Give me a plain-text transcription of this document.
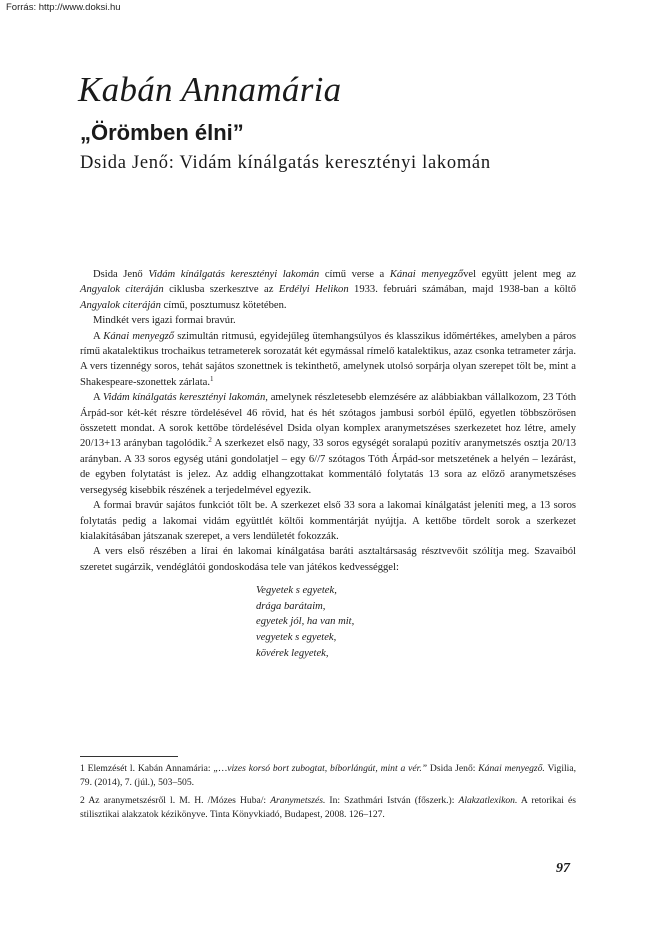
Forrás: http://www.doksi.hu
Kabán Annamária
„Örömben élni”
Dsida Jenő: Vidám kínálgatás keresztényi lakomán

Dsida Jenő Vidám kínálgatás keresztényi lakomán című verse a Kánai menyegzővel együtt jelent meg az Angyalok citeráján ciklusba szerkesztve az Erdélyi Helikon 1933. februári számában, majd 1938-ban a költő Angyalok citeráján című, posztumusz kötetében.

Mindkét vers igazi formai bravúr.

A Kánai menyegző szimultán ritmusú, egyidejűleg ütemhangsúlyos és klasszikus időmértékes, amelyben a páros rímű akatalektikus trochaikus tetrameterek sorozatát két egymással rímelő katalektikus, azaz csonka tetrameter zárja. A vers tizennégy soros, tehát sajátos szonettnek is tekinthető, amelynek utolsó sorpárja olyan szerepet tölt be, mint a Shakespeare-szonettek zárlata.$^1$

A Vidám kínálgatás keresztényi lakomán, amelynek részletesebb elemzésére az alábbiakban vállalkozom, 23 Tóth Árpád-sor két-két részre tördelésével 46 rövid, hat és hét szótagos jambusi sorból épülő, egyetlen többszörösen összetett mondat. A sorok kettőbe tördelésével Dsida olyan komplex aranymetszéses szerkezetet hoz létre, amely 20/13+13 arányban tagolódik.$^2$ A szerkezet első nagy, 33 soros egységét soralapú pozitív aranymetszés osztja 20/13 arányban. A 33 soros egység utáni gondolatjel – egy 6//7 szótagos Tóth Árpád-sor metszetének a helyén – lezárást, de egyben folytatást is jelez. Az addig elhangzottakat kommentáló folytatás 13 sora az előző aranymetszéses versegység kisebbik részének a terjedelmével egyezik.

A formai bravúr sajátos funkciót tölt be. A szerkezet első 33 sora a lakomai kínálgatást jeleníti meg, a 13 soros folytatás pedig a lakomai vidám együttlét költői kommentárját nyújtja. A kettőbe tördelt sorok a szerkezet kialakításában játszanak szerepet, a vers lendületét fokozzák.

A vers első részében a lírai én lakomai kínálgatása baráti asztaltársaság résztvevőit szólítja meg. Szavaiból szeretet sugárzik, vendéglátói gondoskodása tele van játékos kedvességgel:

Vegyetek s egyetek,
drága barátaim,
egyetek jól, ha van mit,
vegyetek s egyetek,
kövérek legyetek,

1 Elemzését l. Kabán Annamária: „…vizes korsó bort zubogtat, bíborlángút, mint a vér.” Dsida Jenő: Kánai menyegző. Vigilia, 79. (2014), 7. (júl.), 503–505.

2 Az aranymetszésről l. M. H. /Mózes Huba/: Aranymetszés. In: Szathmári István (főszerk.): Alakzatlexikon. A retorikai és stilisztikai alakzatok kézikönyve. Tinta Könyvkiadó, Budapest, 2008. 126–127.

97
